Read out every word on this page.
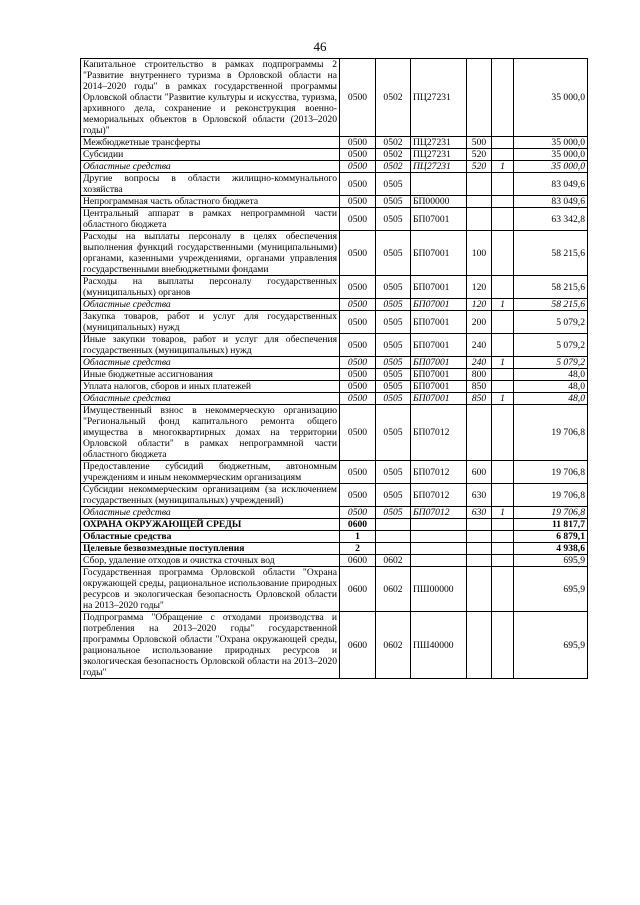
46
Капитальное строительство в рамках подпрограммы 2 "Развитие внутреннего туризма в Орловской области на 2014–2020 годы" в рамках государственной программы Орловской области "Развитие культуры и искусства, туризма, архивного дела, сохранение и реконструкция военно-мемориальных объектов в Орловской области (2013–2020 годы)"	0500	0502	ПЦ27231			35 000,0
Межбюджетные трансферты	0500	0502	ПЦ27231	500		35 000,0
Субсидии	0500	0502	ПЦ27231	520		35 000,0
Областные средства	0500	0502	ПЦ27231	520	1	35 000,0
Другие вопросы в области жилищно-коммунального хозяйства	0500	0505				83 049,6
Непрограммная часть областного бюджета	0500	0505	БП00000			83 049,6
Центральный аппарат в рамках непрограммной части областного бюджета	0500	0505	БП07001			63 342,8
Расходы на выплаты персоналу в целях обеспечения выполнения функций государственными (муниципальными) органами, казенными учреждениями, органами управления государственными внебюджетными фондами	0500	0505	БП07001	100		58 215,6
Расходы на выплаты персоналу государственных (муниципальных) органов	0500	0505	БП07001	120		58 215,6
Областные средства	0500	0505	БП07001	120	1	58 215,6
Закупка товаров, работ и услуг для государственных (муниципальных) нужд	0500	0505	БП07001	200		5 079,2
Иные закупки товаров, работ и услуг для обеспечения государственных (муниципальных) нужд	0500	0505	БП07001	240		5 079,2
Областные средства	0500	0505	БП07001	240	1	5 079,2
Иные бюджетные ассигнования	0500	0505	БП07001	800		48,0
Уплата налогов, сборов и иных платежей	0500	0505	БП07001	850		48,0
Областные средства	0500	0505	БП07001	850	1	48,0
Имущественный взнос в некоммерческую организацию "Региональный фонд капитального ремонта общего имущества в многоквартирных домах на территории Орловской области" в рамках непрограммной части областного бюджета	0500	0505	БП07012			19 706,8
Предоставление субсидий бюджетным, автономным учреждениям и иным некоммерческим организациям	0500	0505	БП07012	600		19 706,8
Субсидии некоммерческим организациям (за исключением государственных (муниципальных) учреждений)	0500	0505	БП07012	630		19 706,8
Областные средства	0500	0505	БП07012	630	1	19 706,8
ОХРАНА ОКРУЖАЮЩЕЙ СРЕДЫ	0600					11 817,7
Областные средства	1					6 879,1
Целевые безвозмездные поступления	2					4 938,6
Сбор, удаление отходов и очистка сточных вод	0600	0602				695,9
Государственная программа Орловской области "Охрана окружающей среды, рациональное использование природных ресурсов и экологическая безопасность Орловской области на 2013–2020 годы"	0600	0602	ПШ00000			695,9
Подпрограмма "Обращение с отходами производства и потребления на 2013–2020 годы" государственной программы Орловской области "Охрана окружающей среды, рациональное использование природных ресурсов и экологическая безопасность Орловской области на 2013–2020 годы"	0600	0602	ПШ40000			695,9
